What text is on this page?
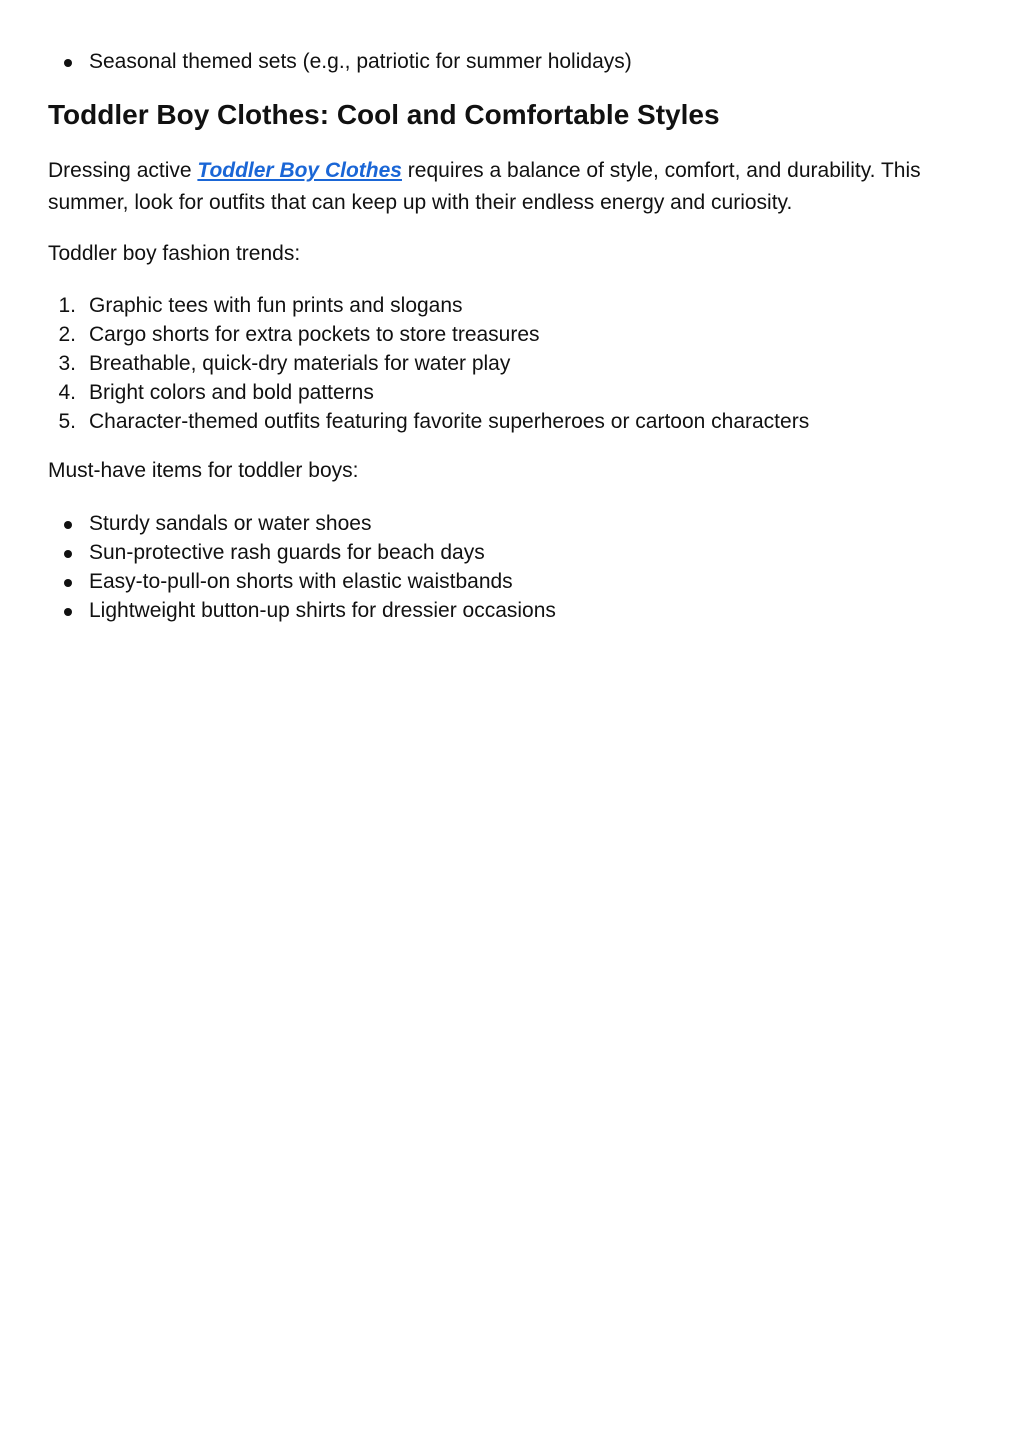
Seasonal themed sets (e.g., patriotic for summer holidays)
Toddler Boy Clothes: Cool and Comfortable Styles

Dressing active Toddler Boy Clothes requires a balance of style, comfort, and durability. This summer, look for outfits that can keep up with their endless energy and curiosity.

Toddler boy fashion trends:

1. Graphic tees with fun prints and slogans
2. Cargo shorts for extra pockets to store treasures
3. Breathable, quick-dry materials for water play
4. Bright colors and bold patterns
5. Character-themed outfits featuring favorite superheroes or cartoon characters

Must-have items for toddler boys:

Sturdy sandals or water shoes
Sun-protective rash guards for beach days
Easy-to-pull-on shorts with elastic waistbands
Lightweight button-up shirts for dressier occasions
